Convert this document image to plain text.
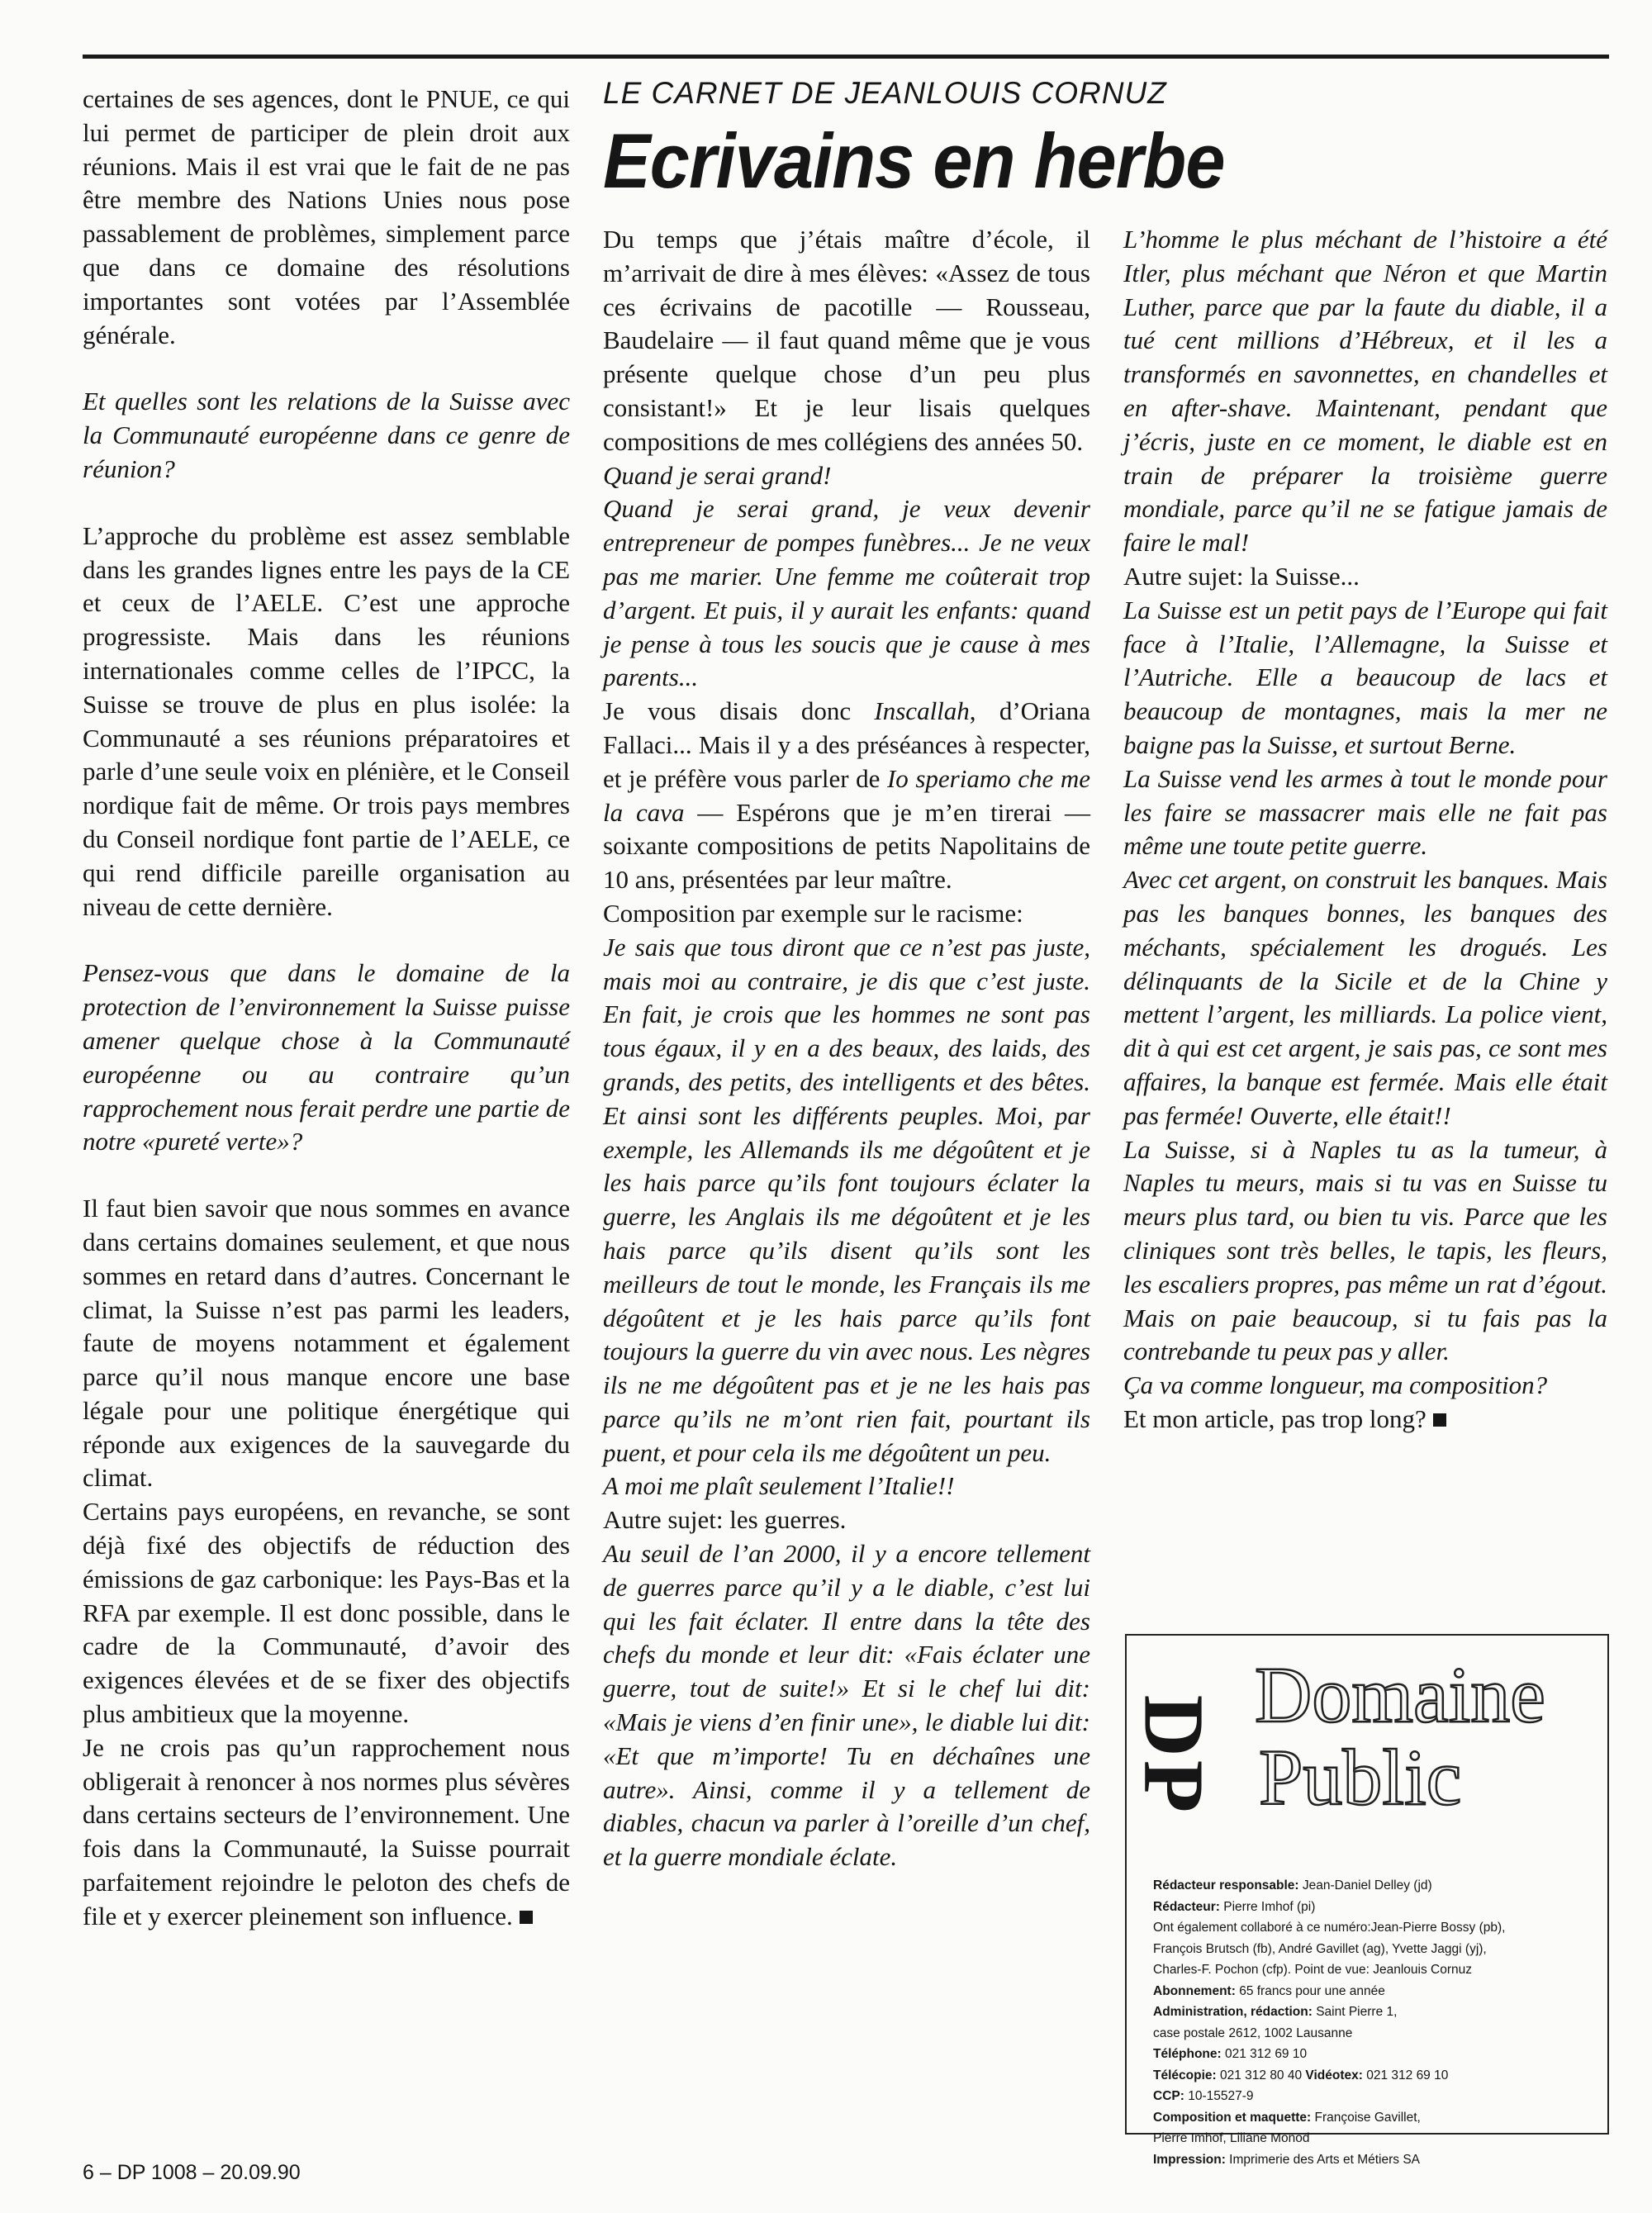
certaines de ses agences, dont le PNUE, ce qui lui permet de participer de plein droit aux réunions. Mais il est vrai que le fait de ne pas être membre des Nations Unies nous pose passablement de problèmes, simplement parce que dans ce domaine des résolutions importantes sont votées par l’Assemblée générale.

Et quelles sont les relations de la Suisse avec la Communauté européenne dans ce genre de réunion?

L’approche du problème est assez semblable dans les grandes lignes entre les pays de la CE et ceux de l’AELE. C’est une approche progressiste. Mais dans les réunions internationales comme celles de l’IPCC, la Suisse se trouve de plus en plus isolée: la Communauté a ses réunions préparatoires et parle d’une seule voix en plénière, et le Conseil nordique fait de même. Or trois pays membres du Conseil nordique font partie de l’AELE, ce qui rend difficile pareille organisation au niveau de cette dernière.

Pensez-vous que dans le domaine de la protection de l’environnement la Suisse puisse amener quelque chose à la Communauté européenne ou au contraire qu’un rapprochement nous ferait perdre une partie de notre «pureté verte»?

Il faut bien savoir que nous sommes en avance dans certains domaines seulement, et que nous sommes en retard dans d’autres. Concernant le climat, la Suisse n’est pas parmi les leaders, faute de moyens notamment et également parce qu’il nous manque encore une base légale pour une politique énergétique qui réponde aux exigences de la sauvegarde du climat.

Certains pays européens, en revanche, se sont déjà fixé des objectifs de réduction des émissions de gaz carbonique: les Pays-Bas et la RFA par exemple. Il est donc possible, dans le cadre de la Communauté, d’avoir des exigences élevées et de se fixer des objectifs plus ambitieux que la moyenne.

Je ne crois pas qu’un rapprochement nous obligerait à renoncer à nos normes plus sévères dans certains secteurs de l’environnement. Une fois dans la Communauté, la Suisse pourrait parfaitement rejoindre le peloton des chefs de file et y exercer pleinement son influence.

LE CARNET DE JEANLOUIS CORNUZ
Ecrivains en herbe

Du temps que j’étais maître d’école, il m’arrivait de dire à mes élèves: «Assez de tous ces écrivains de pacotille — Rousseau, Baudelaire — il faut quand même que je vous présente quelque chose d’un peu plus consistant!» Et je leur lisais quelques compositions de mes collégiens des années 50.

Quand je serai grand!

Quand je serai grand, je veux devenir entrepreneur de pompes funèbres... Je ne veux pas me marier. Une femme me coûterait trop d’argent. Et puis, il y aurait les enfants: quand je pense à tous les soucis que je cause à mes parents...

Je vous disais donc Inscallah, d’Oriana Fallaci... Mais il y a des préséances à respecter, et je préfère vous parler de Io speriamo che me la cava — Espérons que je m’en tirerai — soixante compositions de petits Napolitains de 10 ans, présentées par leur maître.

Composition par exemple sur le racisme:

Je sais que tous diront que ce n’est pas juste, mais moi au contraire, je dis que c’est juste. En fait, je crois que les hommes ne sont pas tous égaux, il y en a des beaux, des laids, des grands, des petits, des intelligents et des bêtes. Et ainsi sont les différents peuples. Moi, par exemple, les Allemands ils me dégoûtent et je les hais parce qu’ils font toujours éclater la guerre, les Anglais ils me dégoûtent et je les hais parce qu’ils disent qu’ils sont les meilleurs de tout le monde, les Français ils me dégoûtent et je les hais parce qu’ils font toujours la guerre du vin avec nous. Les nègres ils ne me dégoûtent pas et je ne les hais pas parce qu’ils ne m’ont rien fait, pourtant ils puent, et pour cela ils me dégoûtent un peu.

A moi me plaît seulement l’Italie!!

Autre sujet: les guerres.

Au seuil de l’an 2000, il y a encore tellement de guerres parce qu’il y a le diable, c’est lui qui les fait éclater. Il entre dans la tête des chefs du monde et leur dit: «Fais éclater une guerre, tout de suite!» Et si le chef lui dit: «Mais je viens d’en finir une», le diable lui dit: «Et que m’importe! Tu en déchaînes une autre». Ainsi, comme il y a tellement de diables, chacun va parler à l’oreille d’un chef, et la guerre mondiale éclate.

L’homme le plus méchant de l’histoire a été Itler, plus méchant que Néron et que Martin Luther, parce que par la faute du diable, il a tué cent millions d’Hébreux, et il les a transformés en savonnettes, en chandelles et en after-shave. Maintenant, pendant que j’écris, juste en ce moment, le diable est en train de préparer la troisième guerre mondiale, parce qu’il ne se fatigue jamais de faire le mal!

Autre sujet: la Suisse...

La Suisse est un petit pays de l’Europe qui fait face à l’Italie, l’Allemagne, la Suisse et l’Autriche. Elle a beaucoup de lacs et beaucoup de montagnes, mais la mer ne baigne pas la Suisse, et surtout Berne.

La Suisse vend les armes à tout le monde pour les faire se massacrer mais elle ne fait pas même une toute petite guerre.

Avec cet argent, on construit les banques. Mais pas les banques bonnes, les banques des méchants, spécialement les drogués. Les délinquants de la Sicile et de la Chine y mettent l’argent, les milliards. La police vient, dit à qui est cet argent, je sais pas, ce sont mes affaires, la banque est fermée. Mais elle était pas fermée! Ouverte, elle était!!

La Suisse, si à Naples tu as la tumeur, à Naples tu meurs, mais si tu vas en Suisse tu meurs plus tard, ou bien tu vis. Parce que les cliniques sont très belles, le tapis, les fleurs, les escaliers propres, pas même un rat d’égout. Mais on paie beaucoup, si tu fais pas la contrebande tu peux pas y aller.

Ça va comme longueur, ma composition?

Et mon article, pas trop long?

DP
Domaine
Public
Rédacteur responsable: Jean-Daniel Delley (jd)
Rédacteur: Pierre Imhof (pi)
Ont également collaboré à ce numéro:Jean-Pierre Bossy (pb),
François Brutsch (fb), André Gavillet (ag), Yvette Jaggi (yj),
Charles-F. Pochon (cfp). Point de vue: Jeanlouis Cornuz
Abonnement: 65 francs pour une année
Administration, rédaction: Saint Pierre 1,
case postale 2612, 1002 Lausanne
Téléphone: 021 312 69 10
Télécopie: 021 312 80 40 Vidéotex: 021 312 69 10
CCP: 10-15527-9
Composition et maquette: Françoise Gavillet,
Pierre Imhof, Liliane Monod
Impression: Imprimerie des Arts et Métiers SA
6 – DP 1008 – 20.09.90
